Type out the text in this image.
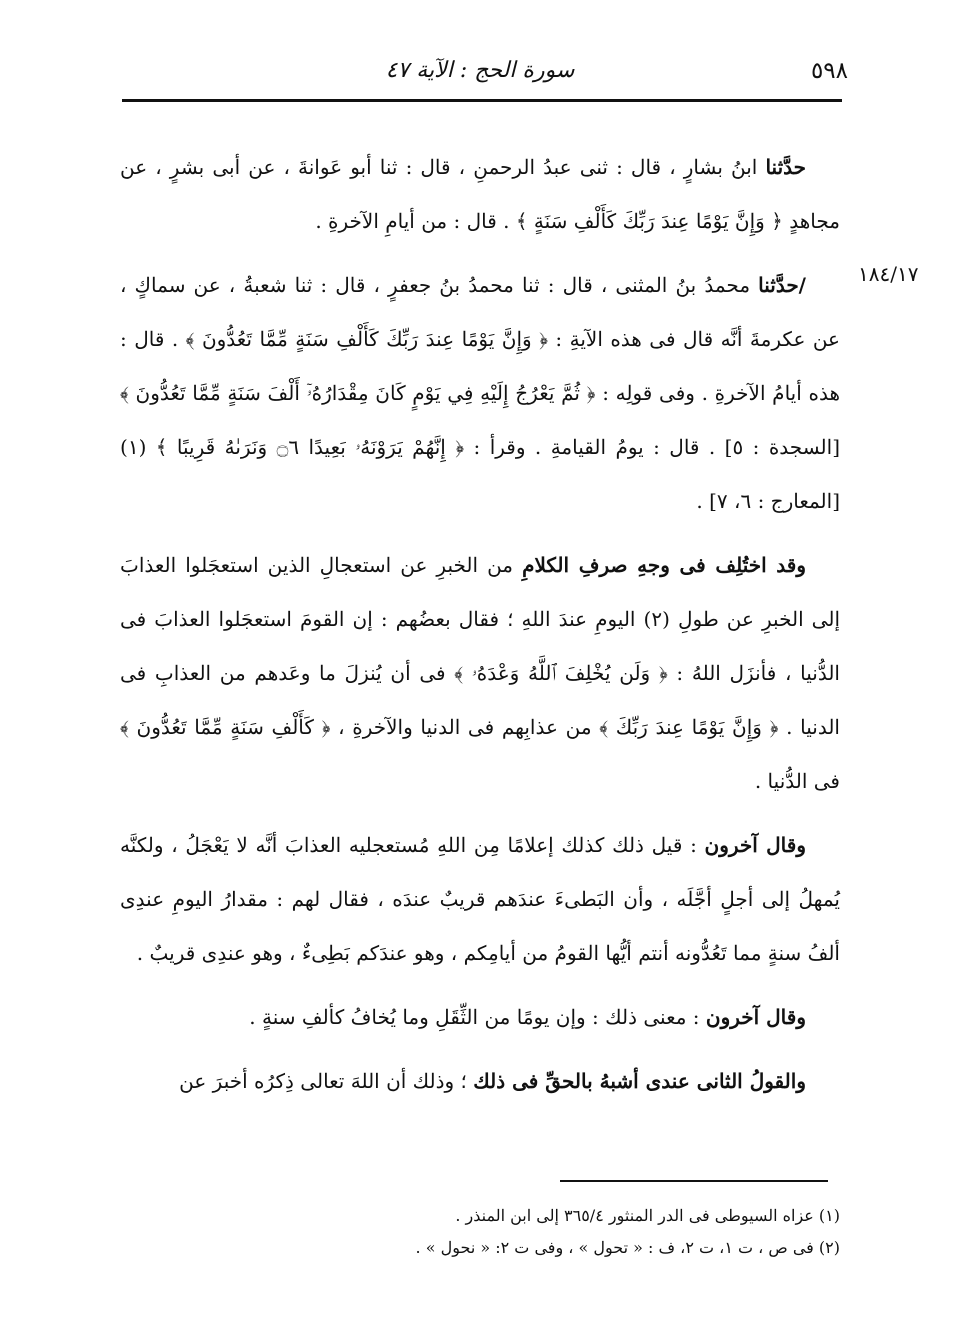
٥٩٨
سورة الحج : الآية ٤٧
١٨٤/١٧

حدَّثنا ابنُ بشارٍ ، قال : ثنى عبدُ الرحمنِ ، قال : ثنا أبو عَوانةَ ، عن أبى بشرٍ ، عن مجاهدٍ ﴿ وَإِنَّ يَوْمًا عِندَ رَبِّكَ كَأَلْفِ سَنَةٍ ﴾ . قال : من أيامِ الآخرةِ .

/حدَّثنا محمدُ بنُ المثنى ، قال : ثنا محمدُ بنُ جعفرٍ ، قال : ثنا شعبةُ ، عن سماكٍ ، عن عكرمةَ أنَّه قال فى هذه الآيةِ : ﴿ وَإِنَّ يَوْمًا عِندَ رَبِّكَ كَأَلْفِ سَنَةٍ مِّمَّا تَعُدُّونَ ﴾ . قال : هذه أيامُ الآخرةِ . وفى قولِه : ﴿ ثُمَّ يَعْرُجُ إِلَيْهِ فِي يَوْمٍ كَانَ مِقْدَارُهُۥٓ أَلْفَ سَنَةٍ مِّمَّا تَعُدُّونَ ﴾ [السجدة : ٥] . قال : يومُ القيامةِ . وقرأ : ﴿ إِنَّهُمْ يَرَوْنَهُۥ بَعِيدًا ۝٦ وَنَرَىٰهُ قَرِيبًا ﴾ (١) [المعارج : ٦، ٧] .

وقد اختُلِف فى وجهِ صرفِ الكلامِ من الخبرِ عن استعجالِ الذين استعجَلوا العذابَ إلى الخبرِ عن طولِ (٢) اليومِ عندَ اللهِ ؛ فقال بعضُهم : إن القومَ استعجَلوا العذابَ فى الدُّنيا ، فأنزَل اللهُ : ﴿ وَلَن يُخْلِفَ ٱللَّهُ وَعْدَهُۥ ﴾ فى أن يُنزلَ ما وعَدهم من العذابِ فى الدنيا . ﴿ وَإِنَّ يَوْمًا عِندَ رَبِّكَ ﴾ من عذابِهم فى الدنيا والآخرةِ ، ﴿ كَأَلْفِ سَنَةٍ مِّمَّا تَعُدُّونَ ﴾ فى الدُّنيا .

وقال آخرون : قيل ذلك كذلك إعلامًا مِن اللهِ مُستعجليه العذابَ أنَّه لا يَعْجَلُ ، ولكنَّه يُمهلُ إلى أجلٍ أجَّلَه ، وأن البَطىءَ عندَهم قريبٌ عندَه ، فقال لهم : مقدارُ اليومِ عندِى ألفُ سنةٍ مما تَعُدُّونه أنتم أيُّها القومُ من أيامِكم ، وهو عندَكم بَطِىءٌ ، وهو عندِى قريبٌ .

وقال آخرون : معنى ذلك : وإن يومًا من الثِّقَلِ وما يُخافُ كألفِ سنةٍ .

والقولُ الثانى عندى أشبهُ بالحقِّ فى ذلك ؛ وذلك أن اللهَ تعالى ذِكرُه أخبرَ عن

(١) عزاه السيوطى فى الدر المنثور ٣٦٥/٤ إلى ابن المنذر .

(٢) فى ص ، ت ١، ت ٢، ف : « تحول » ، وفى ت ٢: « نحول » .
